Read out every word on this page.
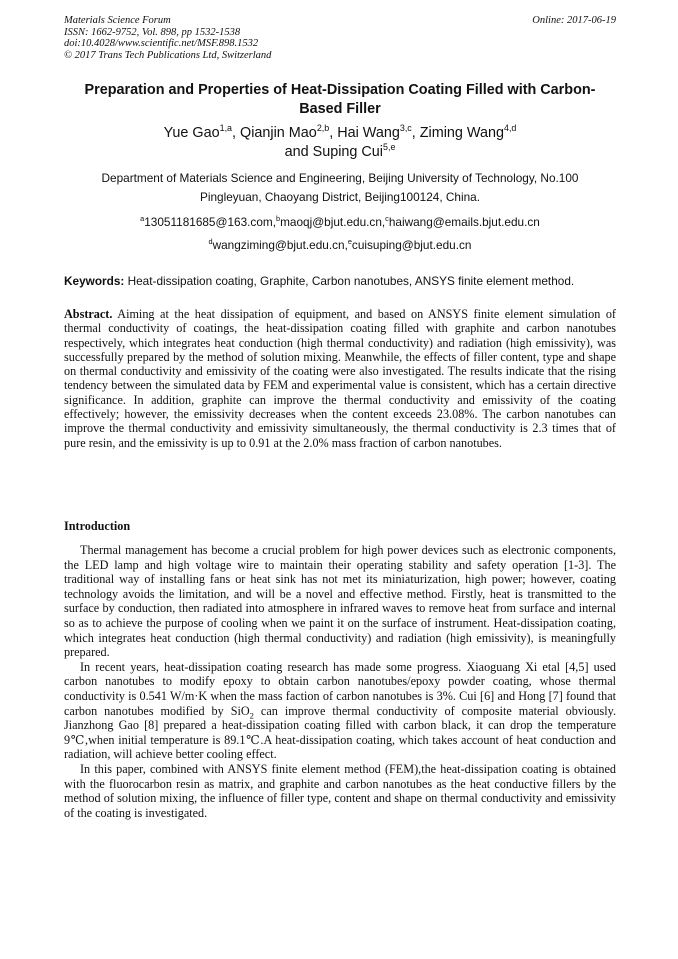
Materials Science Forum
ISSN: 1662-9752, Vol. 898, pp 1532-1538
doi:10.4028/www.scientific.net/MSF.898.1532
© 2017 Trans Tech Publications Ltd, Switzerland
Online: 2017-06-19
Preparation and Properties of Heat-Dissipation Coating Filled with Carbon-Based Filler
Yue Gao$^{1,a}$, Qianjin Mao$^{2,b}$, Hai Wang$^{3,c}$, Ziming Wang$^{4,d}$
and Suping Cui$^{5,e}$
Department of Materials Science and Engineering, Beijing University of Technology, No.100
Pingleyuan, Chaoyang District, Beijing100124, China.
$^a$13051181685@163.com,$^b$maoqj@bjut.edu.cn,$^c$haiwang@emails.bjut.edu.cn
$^d$wangziming@bjut.edu.cn,$^e$cuisuping@bjut.edu.cn
Keywords: Heat-dissipation coating, Graphite, Carbon nanotubes, ANSYS finite element method.
Abstract. Aiming at the heat dissipation of equipment, and based on ANSYS finite element simulation of thermal conductivity of coatings, the heat-dissipation coating filled with graphite and carbon nanotubes respectively, which integrates heat conduction (high thermal conductivity) and radiation (high emissivity), was successfully prepared by the method of solution mixing. Meanwhile, the effects of filler content, type and shape on thermal conductivity and emissivity of the coating were also investigated. The results indicate that the rising tendency between the simulated data by FEM and experimental value is consistent, which has a certain directive significance. In addition, graphite can improve the thermal conductivity and emissivity of the coating effectively; however, the emissivity decreases when the content exceeds 23.08%. The carbon nanotubes can improve the thermal conductivity and emissivity simultaneously, the thermal conductivity is 2.3 times that of pure resin, and the emissivity is up to 0.91 at the 2.0% mass fraction of carbon nanotubes.
Introduction

Thermal management has become a crucial problem for high power devices such as electronic components, the LED lamp and high voltage wire to maintain their operating stability and safety operation [1-3]. The traditional way of installing fans or heat sink has not met its miniaturization, high power; however, coating technology avoids the limitation, and will be a novel and effective method. Firstly, heat is transmitted to the surface by conduction, then radiated into atmosphere in infrared waves to remove heat from surface and internal so as to achieve the purpose of cooling when we paint it on the surface of instrument. Heat-dissipation coating, which integrates heat conduction (high thermal conductivity) and radiation (high emissivity), is meaningfully prepared.

In recent years, heat-dissipation coating research has made some progress. Xiaoguang Xi etal [4,5] used carbon nanotubes to modify epoxy to obtain carbon nanotubes/epoxy powder coating, whose thermal conductivity is 0.541 W/m·K when the mass faction of carbon nanotubes is 3%. Cui [6] and Hong [7] found that carbon nanotubes modified by SiO$_2$ can improve thermal conductivity of composite material obviously. Jianzhong Gao [8] prepared a heat-dissipation coating filled with carbon black, it can drop the temperature 9℃,when initial temperature is 89.1℃.A heat-dissipation coating, which takes account of heat conduction and radiation, will achieve better cooling effect.

In this paper, combined with ANSYS finite element method (FEM),the heat-dissipation coating is obtained with the fluorocarbon resin as matrix, and graphite and carbon nanotubes as the heat conductive fillers by the method of solution mixing, the influence of filler type, content and shape on thermal conductivity and emissivity of the coating is investigated.
